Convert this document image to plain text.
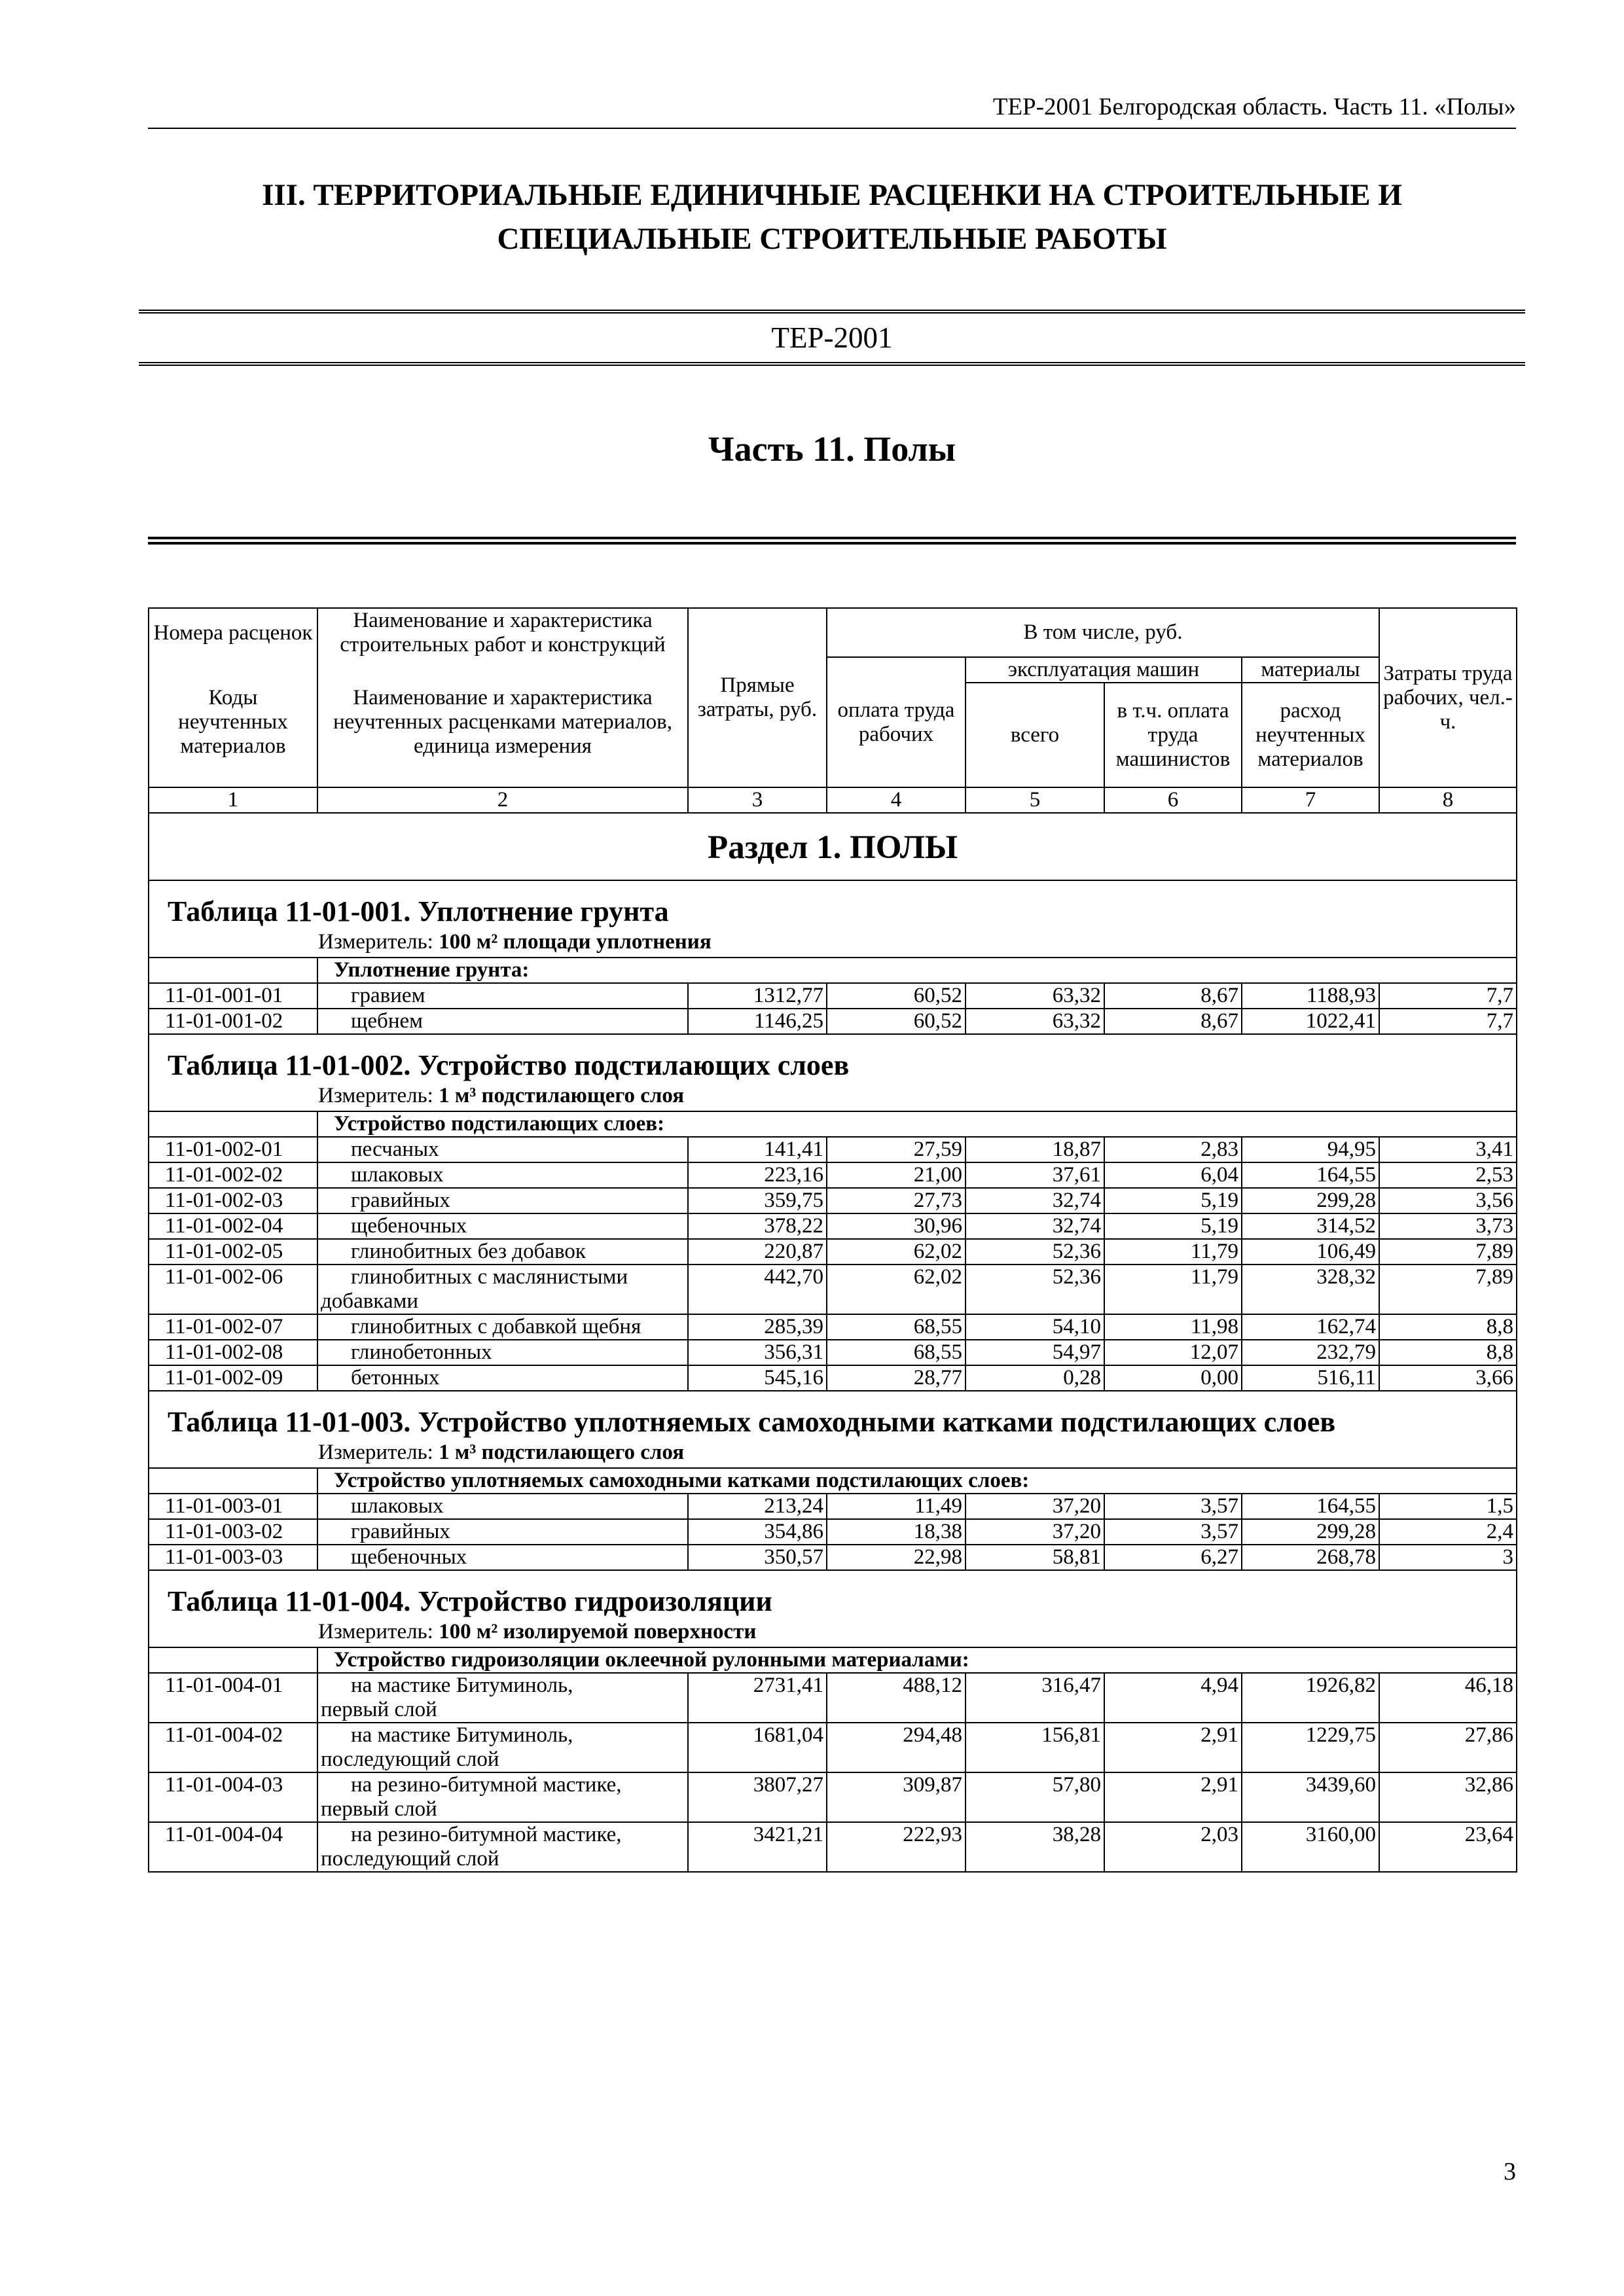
ТЕР-2001 Белгородская область. Часть 11. «Полы»
III. ТЕРРИТОРИАЛЬНЫЕ ЕДИНИЧНЫЕ РАСЦЕНКИ НА СТРОИТЕЛЬНЫЕ И СПЕЦИАЛЬНЫЕ СТРОИТЕЛЬНЫЕ РАБОТЫ
ТЕР-2001
Часть 11. Полы
Номера расценок	Наименование и характеристика строительных работ и конструкций	Прямые затраты, руб.	В том числе, руб.				Затраты труда рабочих, чел.-ч.
Коды неучтенных материалов	Наименование и характеристика неучтенных расценками материалов, единица измерения		оплата труда рабочих	эксплуатация машин		материалы	
				всего	в т.ч. оплата труда машинистов	расход неучтенных материалов	
1	2	3	4	5	6	7	8

Раздел 1. ПОЛЫ							

Таблица 11-01-001. Уплотнение грунта
Измеритель: 100 м² площади уплотнения							

	Уплотнение грунта:						
11-01-001-01	гравием	1312,77	60,52	63,32	8,67	1188,93	7,7
11-01-001-02	щебнем	1146,25	60,52	63,32	8,67	1022,41	7,7

Таблица 11-01-002. Устройство подстилающих слоев
Измеритель: 1 м³ подстилающего слоя							

	Устройство подстилающих слоев:						
11-01-002-01	песчаных	141,41	27,59	18,87	2,83	94,95	3,41
11-01-002-02	шлаковых	223,16	21,00	37,61	6,04	164,55	2,53
11-01-002-03	гравийных	359,75	27,73	32,74	5,19	299,28	3,56
11-01-002-04	щебеночных	378,22	30,96	32,74	5,19	314,52	3,73
11-01-002-05	глинобитных без добавок	220,87	62,02	52,36	11,79	106,49	7,89
11-01-002-06	глинобитных с маслянистыми
добавками	442,70	62,02	52,36	11,79	328,32	7,89
11-01-002-07	глинобитных с добавкой щебня	285,39	68,55	54,10	11,98	162,74	8,8
11-01-002-08	глинобетонных	356,31	68,55	54,97	12,07	232,79	8,8
11-01-002-09	бетонных	545,16	28,77	0,28	0,00	516,11	3,66

Таблица 11-01-003. Устройство уплотняемых самоходными катками подстилающих слоев
Измеритель: 1 м³ подстилающего слоя							

	Устройство уплотняемых самоходными катками подстилающих слоев:						
11-01-003-01	шлаковых	213,24	11,49	37,20	3,57	164,55	1,5
11-01-003-02	гравийных	354,86	18,38	37,20	3,57	299,28	2,4
11-01-003-03	щебеночных	350,57	22,98	58,81	6,27	268,78	3

Таблица 11-01-004. Устройство гидроизоляции
Измеритель: 100 м² изолируемой поверхности							

	Устройство гидроизоляции оклеечной рулонными материалами:						
11-01-004-01	на мастике Битуминоль,
первый слой	2731,41	488,12	316,47	4,94	1926,82	46,18
11-01-004-02	на мастике Битуминоль,
последующий слой	1681,04	294,48	156,81	2,91	1229,75	27,86
11-01-004-03	на резино-битумной мастике,
первый слой	3807,27	309,87	57,80	2,91	3439,60	32,86
11-01-004-04	на резино-битумной мастике,
последующий слой	3421,21	222,93	38,28	2,03	3160,00	23,64
3
